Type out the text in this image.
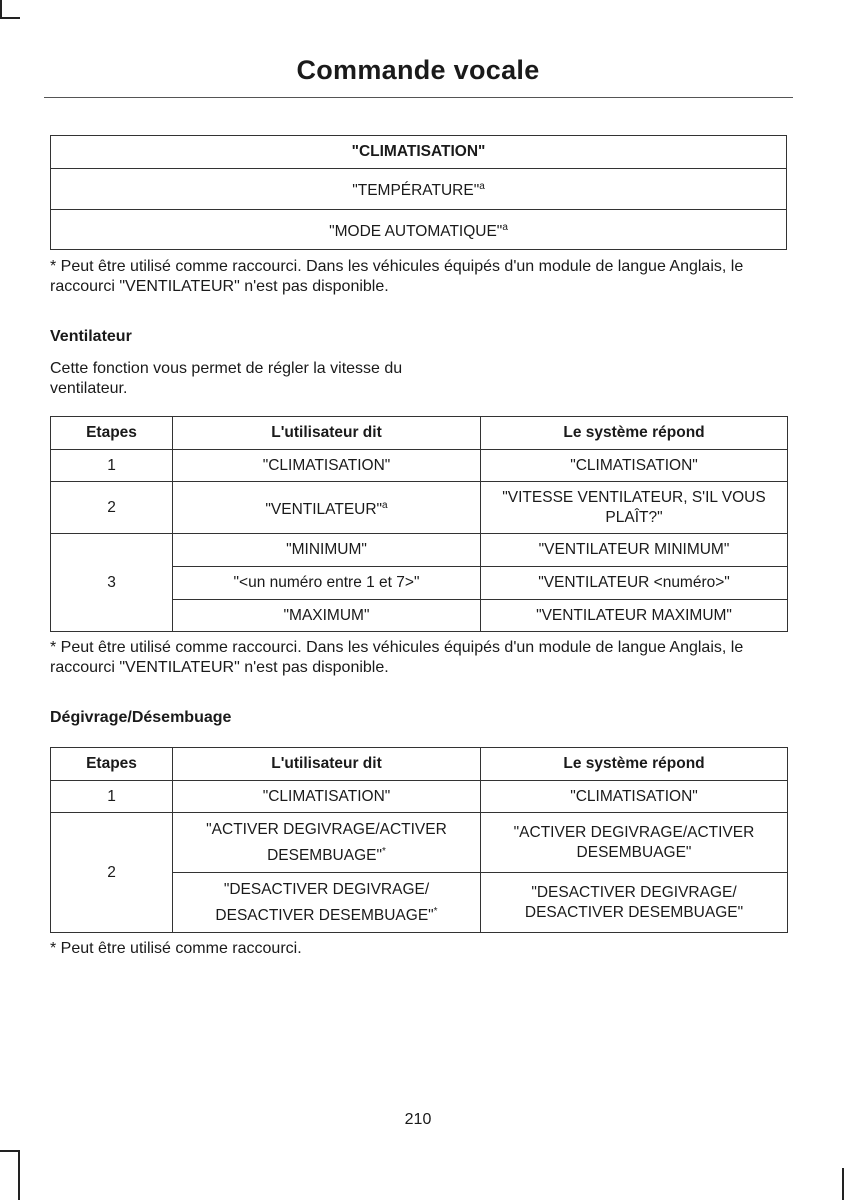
Commande vocale
"CLIMATISATION"
"TEMPÉRATURE"$^a$
"MODE AUTOMATIQUE"$^a$

* Peut être utilisé comme raccourci. Dans les véhicules équipés d'un module de langue Anglais, le raccourci "VENTILATEUR" n'est pas disponible.

Ventilateur

Cette fonction vous permet de régler la vitesse du ventilateur.

Etapes	L'utilisateur dit	Le système répond
1	"CLIMATISATION"	"CLIMATISATION"
2	"VENTILATEUR"$^a$	"VITESSE VENTILATEUR, S'IL VOUS PLAÎT?"
3	"MINIMUM"	"VENTILATEUR MINIMUM"
	"<un numéro entre 1 et 7>"	"VENTILATEUR <numéro>"
	"MAXIMUM"	"VENTILATEUR MAXIMUM"

* Peut être utilisé comme raccourci. Dans les véhicules équipés d'un module de langue Anglais, le raccourci "VENTILATEUR" n'est pas disponible.

Dégivrage/Désembuage
Etapes	L'utilisateur dit	Le système répond
1	"CLIMATISATION"	"CLIMATISATION"
2	"ACTIVER DEGIVRAGE/ACTIVER DESEMBUAGE"*	"ACTIVER DEGIVRAGE/ACTIVER DESEMBUAGE"
	"DESACTIVER DEGIVRAGE/ DESACTIVER DESEMBUAGE"*	"DESACTIVER DEGIVRAGE/ DESACTIVER DESEMBUAGE"

* Peut être utilisé comme raccourci.

210
